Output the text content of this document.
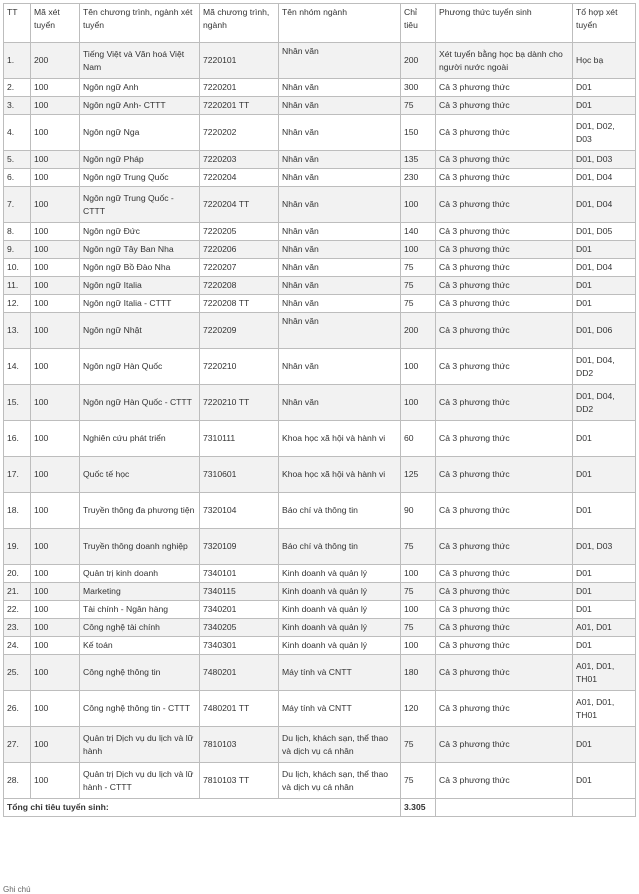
TT	Mã xét tuyển	Tên chương trình, ngành xét tuyển	Mã chương trình, ngành	Tên nhóm ngành	Chỉ tiêu	Phương thức tuyển sinh	Tổ hợp xét tuyển
1.	200	Tiếng Việt và Văn hoá Việt Nam	7220101	Nhân văn	200	Xét tuyển bằng học bạ dành cho người nước ngoài	Học bạ
2.	100	Ngôn ngữ Anh	7220201	Nhân văn	300	Cả 3 phương thức	D01
3.	100	Ngôn ngữ Anh- CTTT	7220201 TT	Nhân văn	75	Cả 3 phương thức	D01
4.	100	Ngôn ngữ Nga	7220202	Nhân văn	150	Cả 3 phương thức	D01, D02, D03
5.	100	Ngôn ngữ Pháp	7220203	Nhân văn	135	Cả 3 phương thức	D01, D03
6.	100	Ngôn ngữ Trung Quốc	7220204	Nhân văn	230	Cả 3 phương thức	D01, D04
7.	100	Ngôn ngữ Trung Quốc - CTTT	7220204 TT	Nhân văn	100	Cả 3 phương thức	D01, D04
8.	100	Ngôn ngữ Đức	7220205	Nhân văn	140	Cả 3 phương thức	D01, D05
9.	100	Ngôn ngữ Tây Ban Nha	7220206	Nhân văn	100	Cả 3 phương thức	D01
10.	100	Ngôn ngữ Bồ Đào Nha	7220207	Nhân văn	75	Cả 3 phương thức	D01, D04
11.	100	Ngôn ngữ Italia	7220208	Nhân văn	75	Cả 3 phương thức	D01
12.	100	Ngôn ngữ Italia - CTTT	7220208 TT	Nhân văn	75	Cả 3 phương thức	D01
13.	100	Ngôn ngữ Nhật	7220209	Nhân văn	200	Cả 3 phương thức	D01, D06
14.	100	Ngôn ngữ Hàn Quốc	7220210	Nhân văn	100	Cả 3 phương thức	D01, D04, DD2
15.	100	Ngôn ngữ Hàn Quốc - CTTT	7220210 TT	Nhân văn	100	Cả 3 phương thức	D01, D04, DD2
16.	100	Nghiên cứu phát triển	7310111	Khoa học xã hội và hành vi	60	Cả 3 phương thức	D01
17.	100	Quốc tế học	7310601	Khoa học xã hội và hành vi	125	Cả 3 phương thức	D01
18.	100	Truyền thông đa phương tiện	7320104	Báo chí và thông tin	90	Cả 3 phương thức	D01
19.	100	Truyền thông doanh nghiệp	7320109	Báo chí và thông tin	75	Cả 3 phương thức	D01, D03
20.	100	Quản trị kinh doanh	7340101	Kinh doanh và quản lý	100	Cả 3 phương thức	D01
21.	100	Marketing	7340115	Kinh doanh và quản lý	75	Cả 3 phương thức	D01
22.	100	Tài chính - Ngân hàng	7340201	Kinh doanh và quản lý	100	Cả 3 phương thức	D01
23.	100	Công nghệ tài chính	7340205	Kinh doanh và quản lý	75	Cả 3 phương thức	A01, D01
24.	100	Kế toán	7340301	Kinh doanh và quản lý	100	Cả 3 phương thức	D01
25.	100	Công nghệ thông tin	7480201	Máy tính và CNTT	180	Cả 3 phương thức	A01, D01, TH01
26.	100	Công nghệ thông tin - CTTT	7480201 TT	Máy tính và CNTT	120	Cả 3 phương thức	A01, D01, TH01
27.	100	Quản trị Dịch vụ du lịch và lữ hành	7810103	Du lịch, khách sạn, thể thao và dịch vụ cá nhân	75	Cả 3 phương thức	D01
28.	100	Quản trị Dịch vụ du lịch và lữ hành - CTTT	7810103 TT	Du lịch, khách sạn, thể thao và dịch vụ cá nhân	75	Cả 3 phương thức	D01
Tổng chỉ tiêu tuyển sinh:					3.305		
Ghi chú
